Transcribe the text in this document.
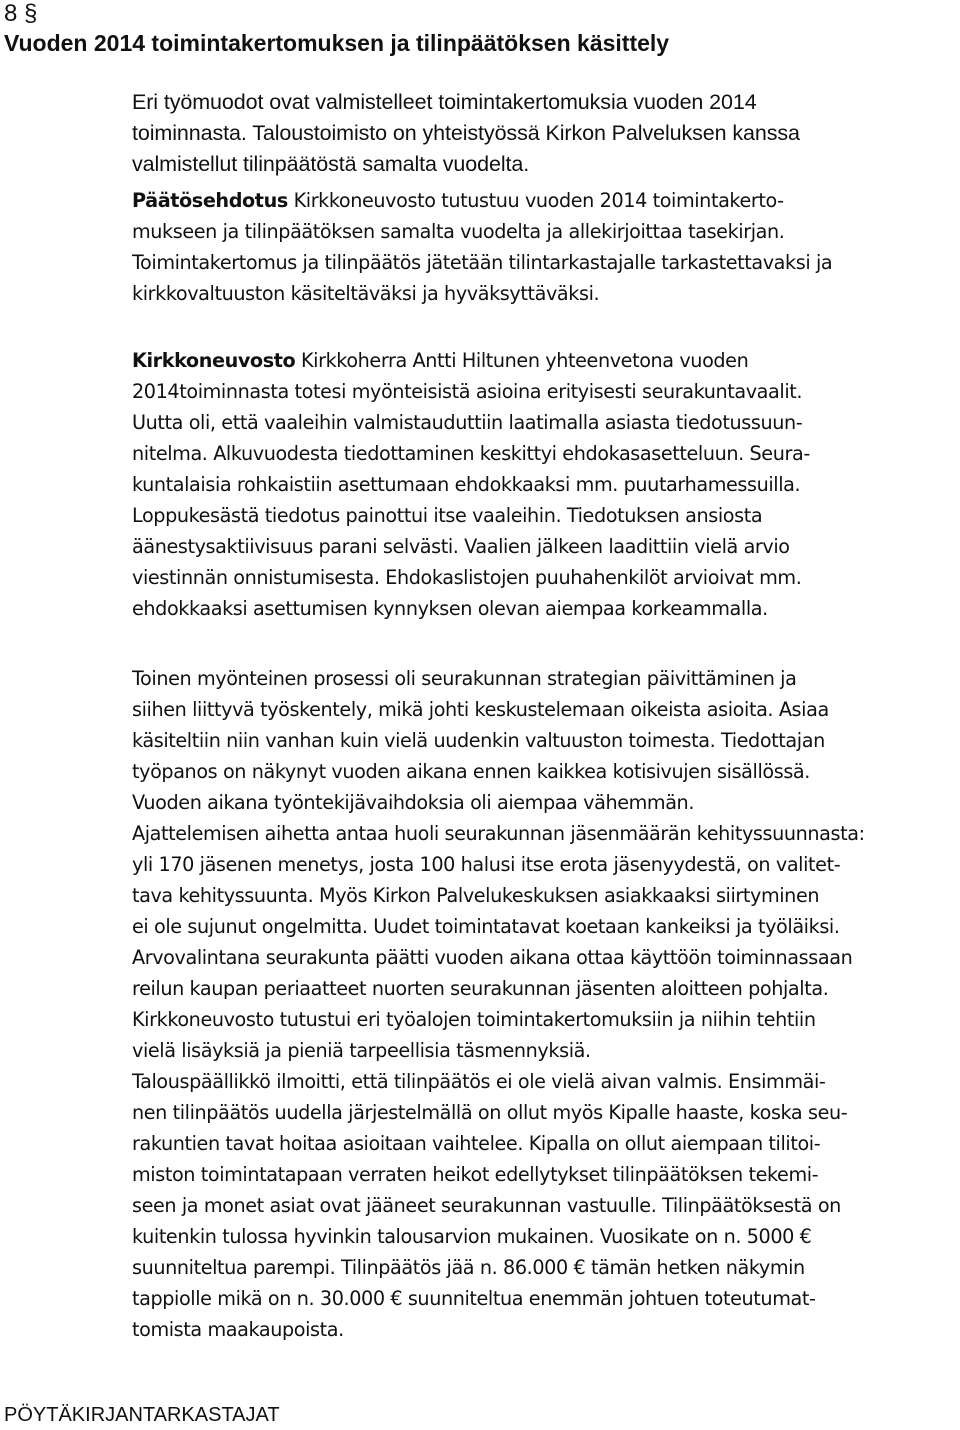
8 §
Vuoden 2014 toimintakertomuksen ja tilinpäätöksen käsittely
Eri työmuodot ovat valmistelleet toimintakertomuksia vuoden 2014
toiminnasta. Taloustoimisto on yhteistyössä Kirkon Palveluksen kanssa
valmistellut tilinpäätöstä samalta vuodelta.
Päätösehdotus Kirkkoneuvosto tutustuu vuoden 2014 toimintakerto-
mukseen ja tilinpäätöksen samalta vuodelta ja allekirjoittaa tasekirjan.
Toimintakertomus ja tilinpäätös jätetään tilintarkastajalle tarkastettavaksi ja
kirkkovaltuuston käsiteltäväksi ja hyväksyttäväksi.
Kirkkoneuvosto Kirkkoherra Antti Hiltunen yhteenvetona vuoden
2014toiminnasta totesi myönteisistä asioina erityisesti seurakuntavaalit.
Uutta oli, että vaaleihin valmistauduttiin laatimalla asiasta tiedotussuun-
nitelma. Alkuvuodesta tiedottaminen keskittyi ehdokasasetteluun. Seura-
kuntalaisia rohkaistiin asettumaan ehdokkaaksi mm. puutarhamessuilla.
Loppukesästä tiedotus painottui itse vaaleihin. Tiedotuksen ansiosta
äänestysaktiivisuus parani selvästi. Vaalien jälkeen laadittiin vielä arvio
viestinnän onnistumisesta. Ehdokaslistojen puuhahenkilöt arvioivat mm.
ehdokkaaksi asettumisen kynnyksen olevan aiempaa korkeammalla.
Toinen myönteinen prosessi oli seurakunnan strategian päivittäminen ja
siihen liittyvä työskentely, mikä johti keskustelemaan oikeista asioita. Asiaa
käsiteltiin niin vanhan kuin vielä uudenkin valtuuston toimesta. Tiedottajan
työpanos on näkynyt vuoden aikana ennen kaikkea kotisivujen sisällössä.
Vuoden aikana työntekijävaihdoksia oli aiempaa vähemmän.
Ajattelemisen aihetta antaa huoli seurakunnan jäsenmäärän kehityssuunnasta:
yli 170 jäsenen menetys, josta 100 halusi itse erota jäsenyydestä, on valitet-
tava kehityssuunta. Myös Kirkon Palvelukeskuksen asiakkaaksi siirtyminen
ei ole sujunut ongelmitta. Uudet toimintatavat koetaan kankeiksi ja työläiksi.
Arvovalintana seurakunta päätti vuoden aikana ottaa käyttöön toiminnassaan
reilun kaupan periaatteet nuorten seurakunnan jäsenten aloitteen pohjalta.
Kirkkoneuvosto tutustui eri työalojen toimintakertomuksiin ja niihin tehtiin
vielä lisäyksiä ja pieniä tarpeellisia täsmennyksiä.
Talouspäällikkö ilmoitti, että tilinpäätös ei ole vielä aivan valmis. Ensimmäi-
nen tilinpäätös uudella järjestelmällä on ollut myös Kipalle haaste, koska seu-
rakuntien tavat hoitaa asioitaan vaihtelee. Kipalla on ollut aiempaan tilitoi-
miston toimintatapaan verraten heikot edellytykset tilinpäätöksen tekemi-
seen ja monet asiat ovat jääneet seurakunnan vastuulle. Tilinpäätöksestä on
kuitenkin tulossa hyvinkin talousarvion mukainen. Vuosikate on n. 5000 €
suunniteltua parempi. Tilinpäätös jää n. 86.000 € tämän hetken näkymin
tappiolle mikä on n. 30.000 € suunniteltua enemmän johtuen toteutumat-
tomista maakaupoista.
PÖYTÄKIRJANTARKASTAJAT
